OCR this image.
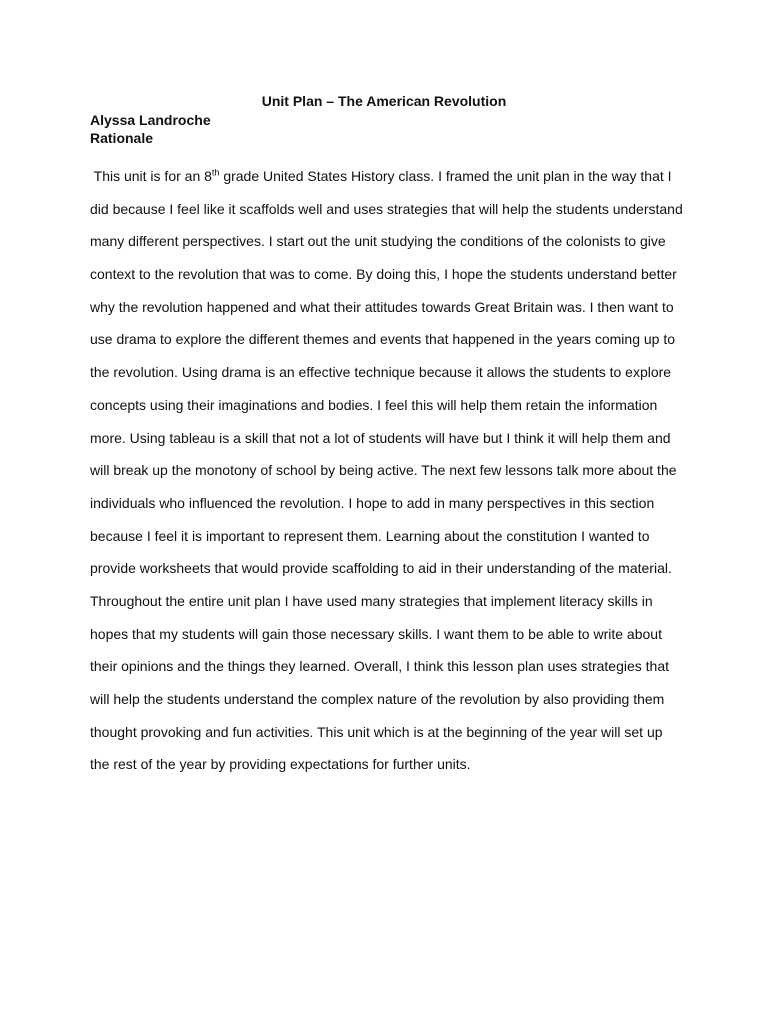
Unit Plan – The American Revolution
Alyssa Landroche
Rationale
This unit is for an 8th grade United States History class. I framed the unit plan in the way that I
did because I feel like it scaffolds well and uses strategies that will help the students understand
many different perspectives. I start out the unit studying the conditions of the colonists to give
context to the revolution that was to come. By doing this, I hope the students understand better
why the revolution happened and what their attitudes towards Great Britain was. I then want to
use drama to explore the different themes and events that happened in the years coming up to
the revolution. Using drama is an effective technique because it allows the students to explore
concepts using their imaginations and bodies. I feel this will help them retain the information
more. Using tableau is a skill that not a lot of students will have but I think it will help them and
will break up the monotony of school by being active. The next few lessons talk more about the
individuals who influenced the revolution. I hope to add in many perspectives in this section
because I feel it is important to represent them. Learning about the constitution I wanted to
provide worksheets that would provide scaffolding to aid in their understanding of the material.
Throughout the entire unit plan I have used many strategies that implement literacy skills in
hopes that my students will gain those necessary skills. I want them to be able to write about
their opinions and the things they learned. Overall, I think this lesson plan uses strategies that
will help the students understand the complex nature of the revolution by also providing them
thought provoking and fun activities. This unit which is at the beginning of the year will set up
the rest of the year by providing expectations for further units.
